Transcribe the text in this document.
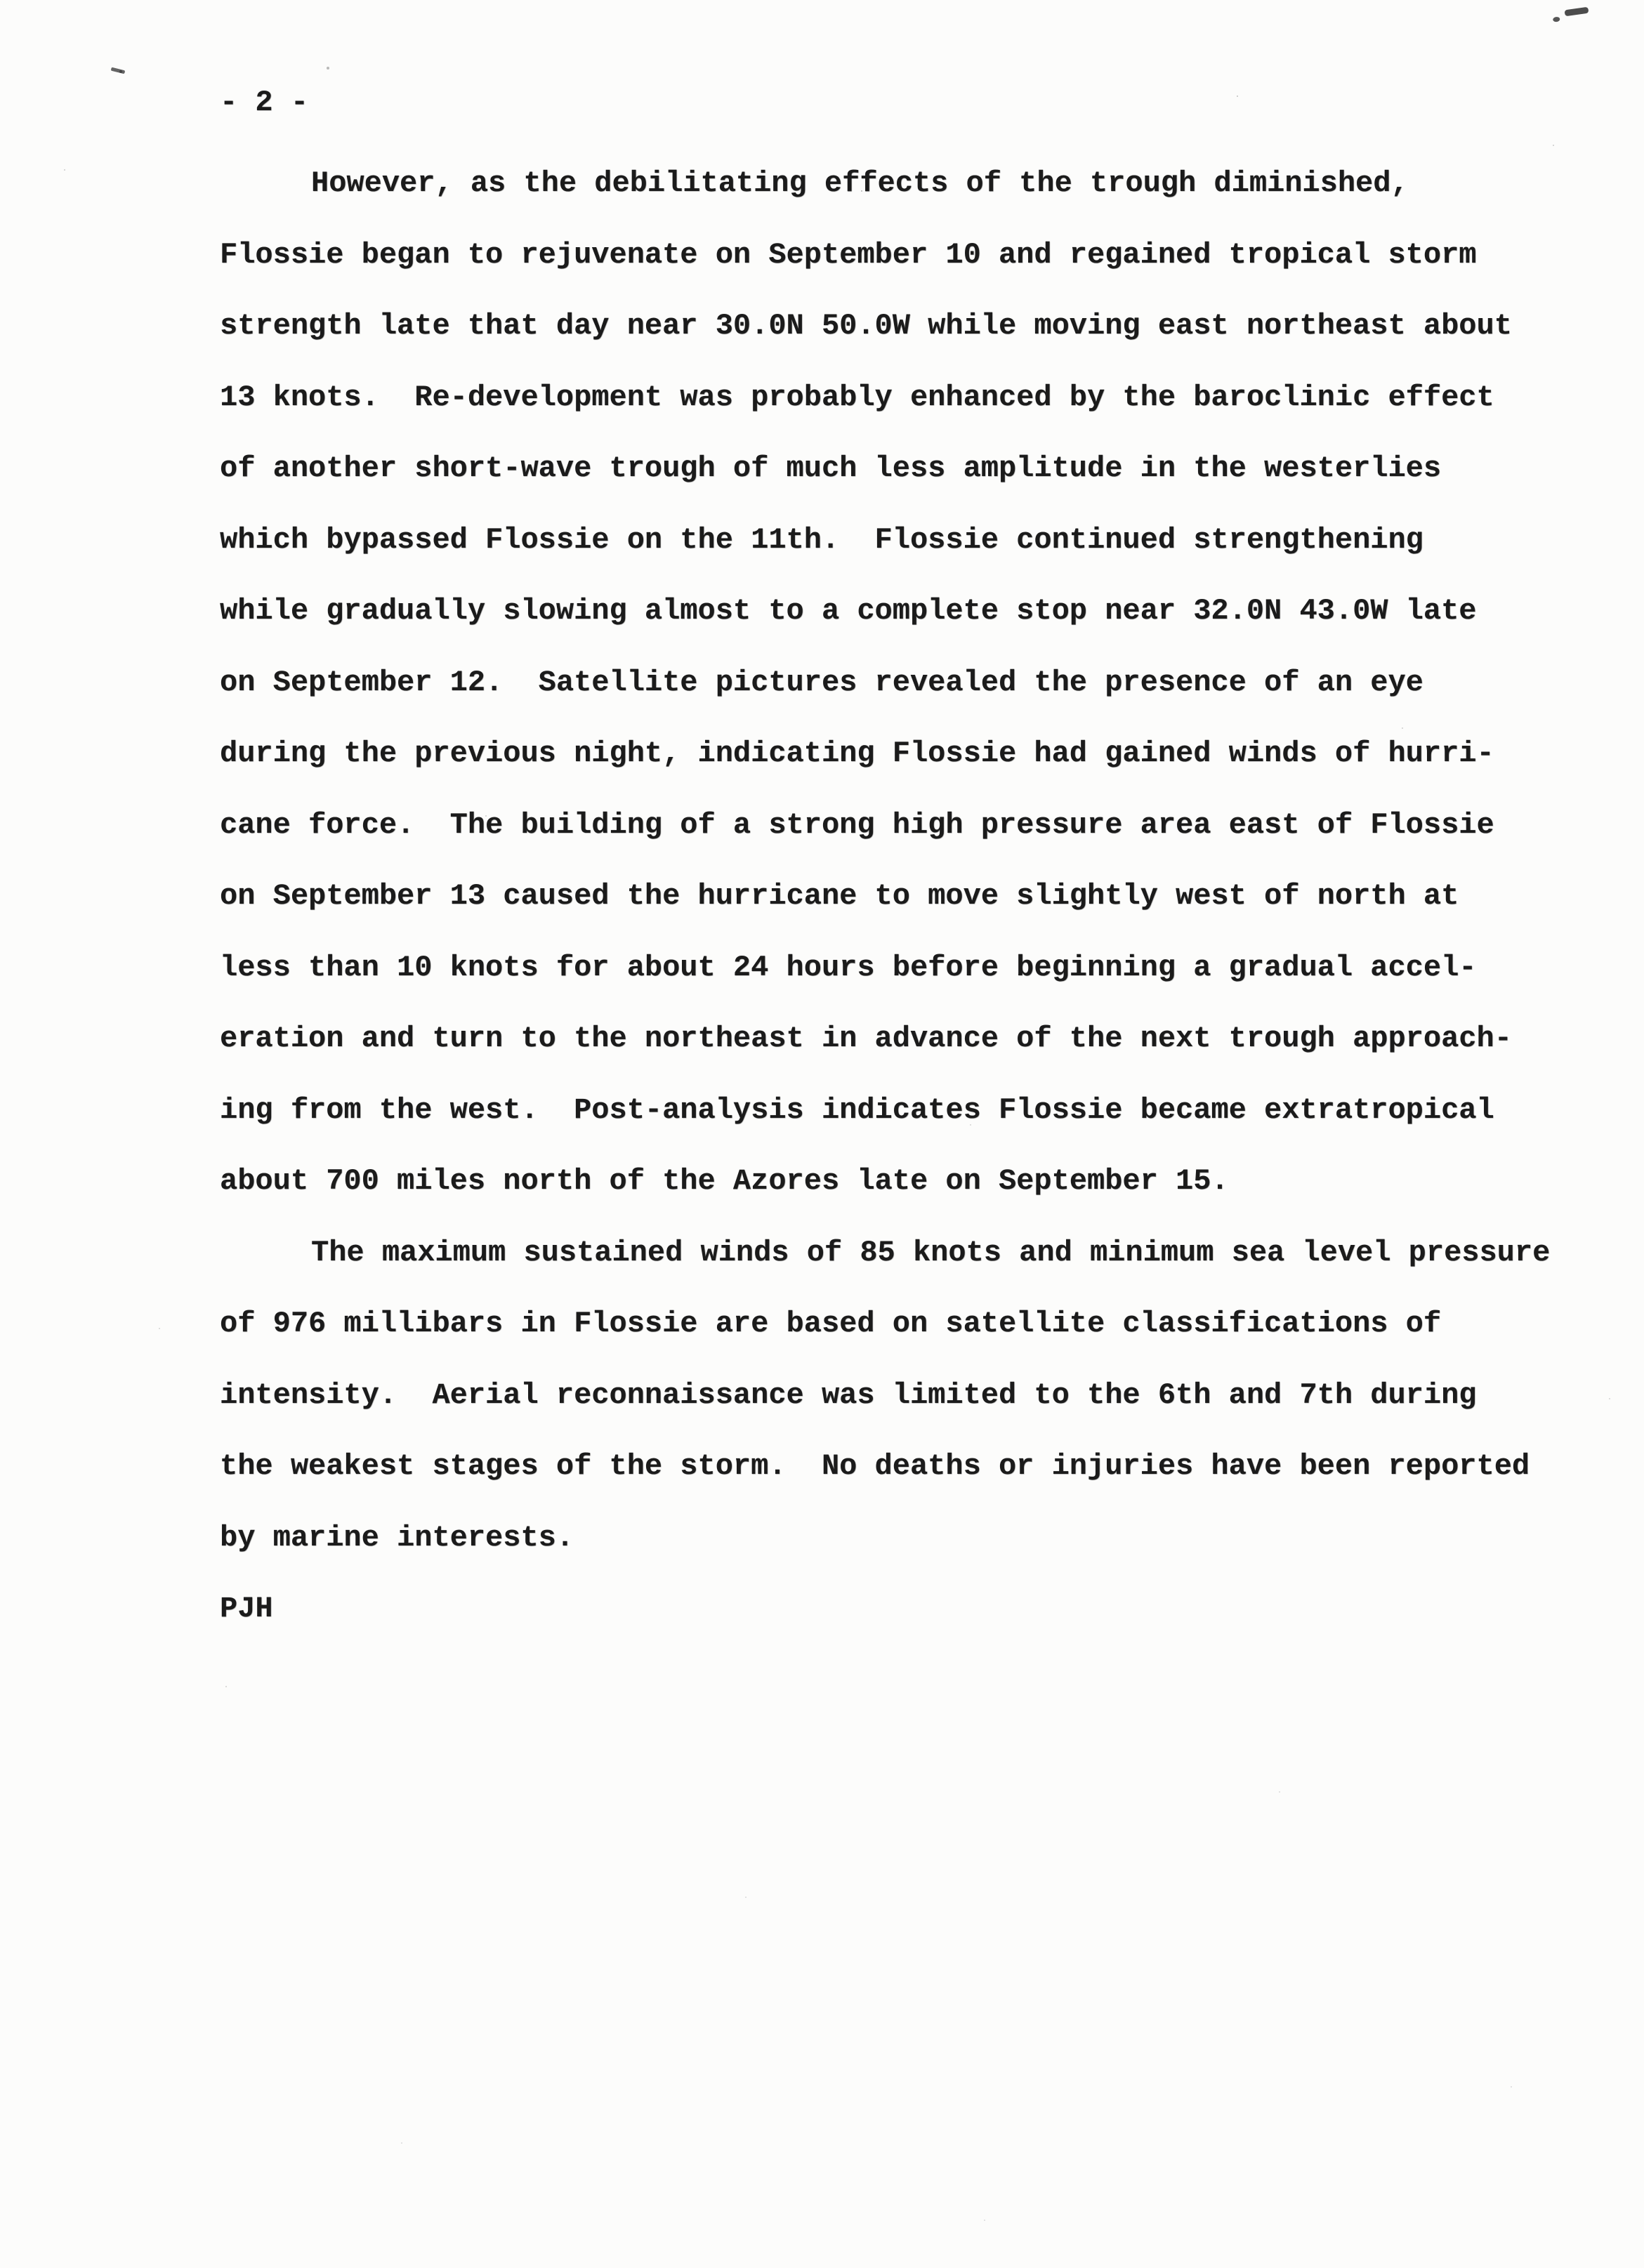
- 2 -
However, as the debilitating effects of the trough diminished,
Flossie began to rejuvenate on September 10 and regained tropical storm
strength late that day near 30.0N 50.0W while moving east northeast about
13 knots.  Re-development was probably enhanced by the baroclinic effect
of another short-wave trough of much less amplitude in the westerlies
which bypassed Flossie on the 11th.  Flossie continued strengthening
while gradually slowing almost to a complete stop near 32.0N 43.0W late
on September 12.  Satellite pictures revealed the presence of an eye
during the previous night, indicating Flossie had gained winds of hurri-
cane force.  The building of a strong high pressure area east of Flossie
on September 13 caused the hurricane to move slightly west of north at
less than 10 knots for about 24 hours before beginning a gradual accel-
eration and turn to the northeast in advance of the next trough approach-
ing from the west.  Post-analysis indicates Flossie became extratropical
about 700 miles north of the Azores late on September 15.
The maximum sustained winds of 85 knots and minimum sea level pressure
of 976 millibars in Flossie are based on satellite classifications of
intensity.  Aerial reconnaissance was limited to the 6th and 7th during
the weakest stages of the storm.  No deaths or injuries have been reported
by marine interests.
PJH
